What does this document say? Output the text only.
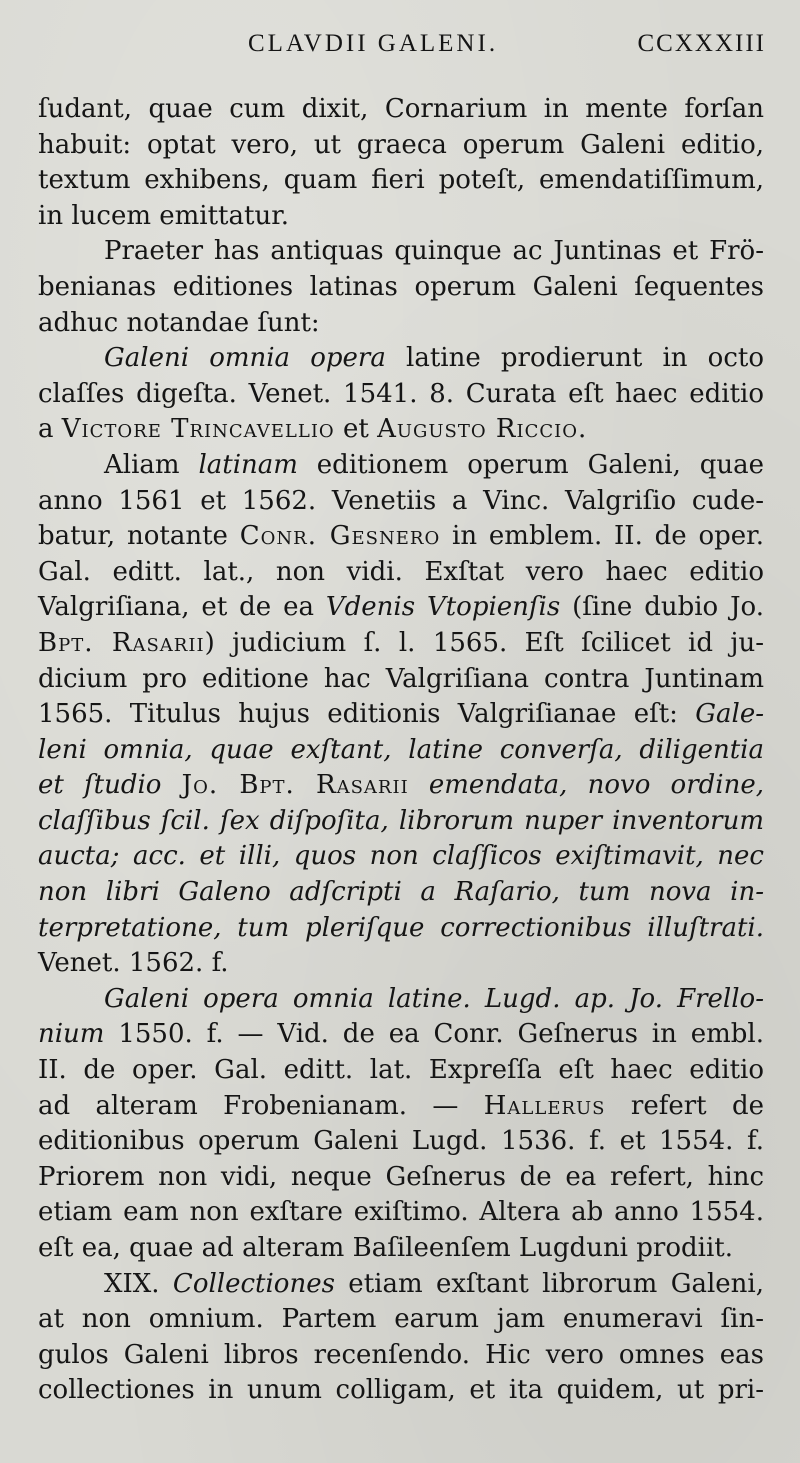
CLAVDII GALENI.	CCXXXIII
ſudant, quae cum dixit, Cornarium in mente forſan
habuit: optat vero, ut graeca operum Galeni editio,
textum exhibens, quam fieri poteſt, emendatiſſimum,
in lucem emittatur.
Praeter has antiquas quinque ac Juntinas et Frö-
benianas editiones latinas operum Galeni ſequentes
adhuc notandae ſunt:
Galeni omnia opera latine prodierunt in octo
claſſes digeſta. Venet. 1541. 8. Curata eſt haec editio
a Victore Trincavellio et Augusto Riccio.
Aliam latinam editionem operum Galeni, quae
anno 1561 et 1562. Venetiis a Vinc. Valgriſio cude-
batur, notante Conr. Gesnero in emblem. II. de oper.
Gal. editt. lat., non vidi. Exſtat vero haec editio
Valgriſiana, et de ea Vdenis Vtopienſis (ſine dubio Jo.
Bpt. Rasarii) judicium ſ. l. 1565. Eſt ſcilicet id ju-
dicium pro editione hac Valgriſiana contra Juntinam
1565. Titulus hujus editionis Valgriſianae eſt: Gale-
leni omnia, quae exſtant, latine converſa, diligentia
et ſtudio Jo. Bpt. Rasarii emendata, novo ordine,
claſſibus ſcil. ſex diſpoſita, librorum nuper inventorum
aucta; acc. et illi, quos non claſſicos exiſtimavit, nec
non libri Galeno adſcripti a Raſario, tum nova in-
terpretatione, tum pleriſque correctionibus illuſtrati.
Venet. 1562. f.
Galeni opera omnia latine. Lugd. ap. Jo. Frello-
nium 1550. f. — Vid. de ea Conr. Geſnerus in embl.
II. de oper. Gal. editt. lat. Expreſſa eſt haec editio
ad alteram Frobenianam. — Hallerus refert de
editionibus operum Galeni Lugd. 1536. f. et 1554. f.
Priorem non vidi, neque Geſnerus de ea refert, hinc
etiam eam non exſtare exiſtimo. Altera ab anno 1554.
eſt ea, quae ad alteram Baſileenſem Lugduni prodiit.
XIX. Collectiones etiam exſtant librorum Galeni,
at non omnium. Partem earum jam enumeravi ſin-
gulos Galeni libros recenſendo. Hic vero omnes eas
collectiones in unum colligam, et ita quidem, ut pri-
